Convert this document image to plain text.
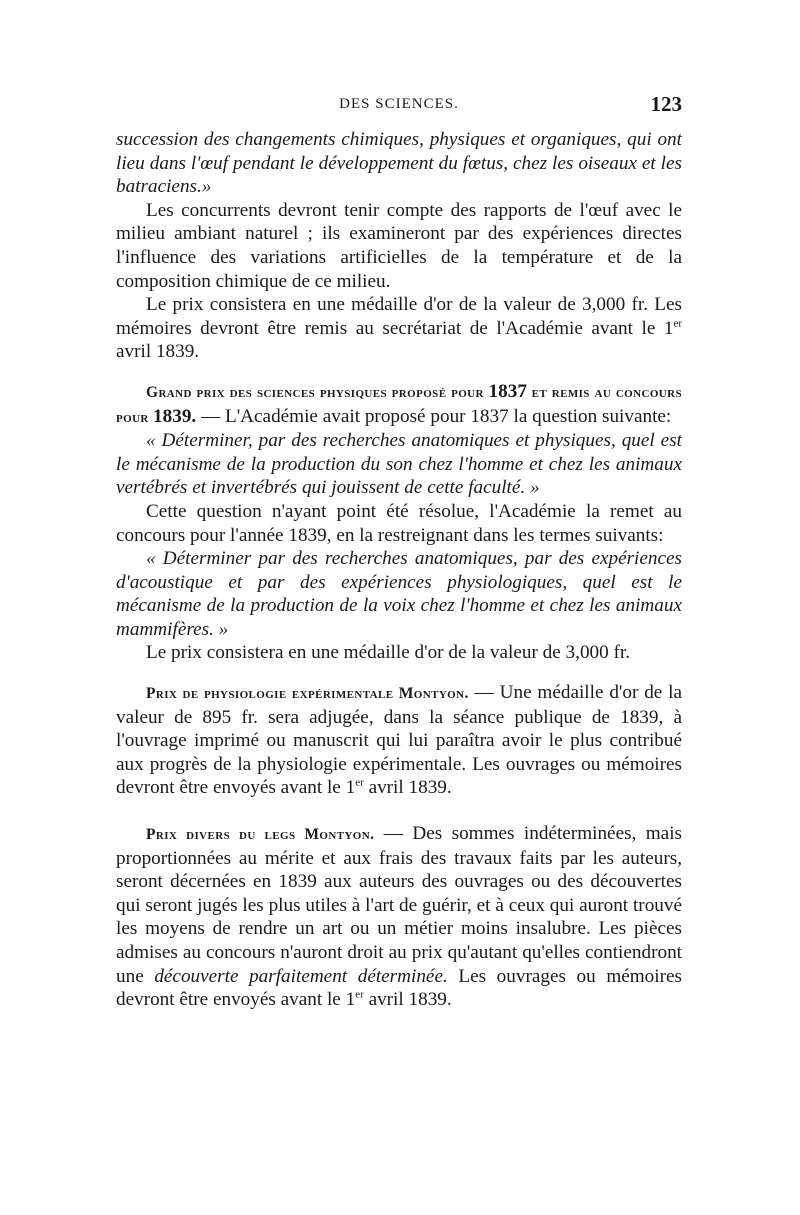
DES SCIENCES.	123

succession des changements chimiques, physiques et organiques, qui ont lieu dans l'œuf pendant le développement du fœtus, chez les oiseaux et les batraciens.»

Les concurrents devront tenir compte des rapports de l'œuf avec le milieu ambiant naturel ; ils examineront par des expériences directes l'influence des variations artificielles de la température et de la composition chimique de ce milieu.

Le prix consistera en une médaille d'or de la valeur de 3,000 fr. Les mémoires devront être remis au secrétariat de l'Académie avant le 1er avril 1839.

Grand prix des sciences physiques proposé pour 1837 et remis au concours pour 1839. — L'Académie avait proposé pour 1837 la question suivante:

« Déterminer, par des recherches anatomiques et physiques, quel est le mécanisme de la production du son chez l'homme et chez les animaux vertébrés et invertébrés qui jouissent de cette faculté. »

Cette question n'ayant point été résolue, l'Académie la remet au concours pour l'année 1839, en la restreignant dans les termes suivants:

« Déterminer par des recherches anatomiques, par des expériences d'acoustique et par des expériences physiologiques, quel est le mécanisme de la production de la voix chez l'homme et chez les animaux mammifères. »

Le prix consistera en une médaille d'or de la valeur de 3,000 fr.

Prix de physiologie expérimentale Montyon. — Une médaille d'or de la valeur de 895 fr. sera adjugée, dans la séance publique de 1839, à l'ouvrage imprimé ou manuscrit qui lui paraîtra avoir le plus contribué aux progrès de la physiologie expérimentale. Les ouvrages ou mémoires devront être envoyés avant le 1er avril 1839.

Prix divers du legs Montyon. — Des sommes indéterminées, mais proportionnées au mérite et aux frais des travaux faits par les auteurs, seront décernées en 1839 aux auteurs des ouvrages ou des découvertes qui seront jugés les plus utiles à l'art de guérir, et à ceux qui auront trouvé les moyens de rendre un art ou un métier moins insalubre. Les pièces admises au concours n'auront droit au prix qu'autant qu'elles contiendront une découverte parfaitement déterminée. Les ouvrages ou mémoires devront être envoyés avant le 1er avril 1839.
